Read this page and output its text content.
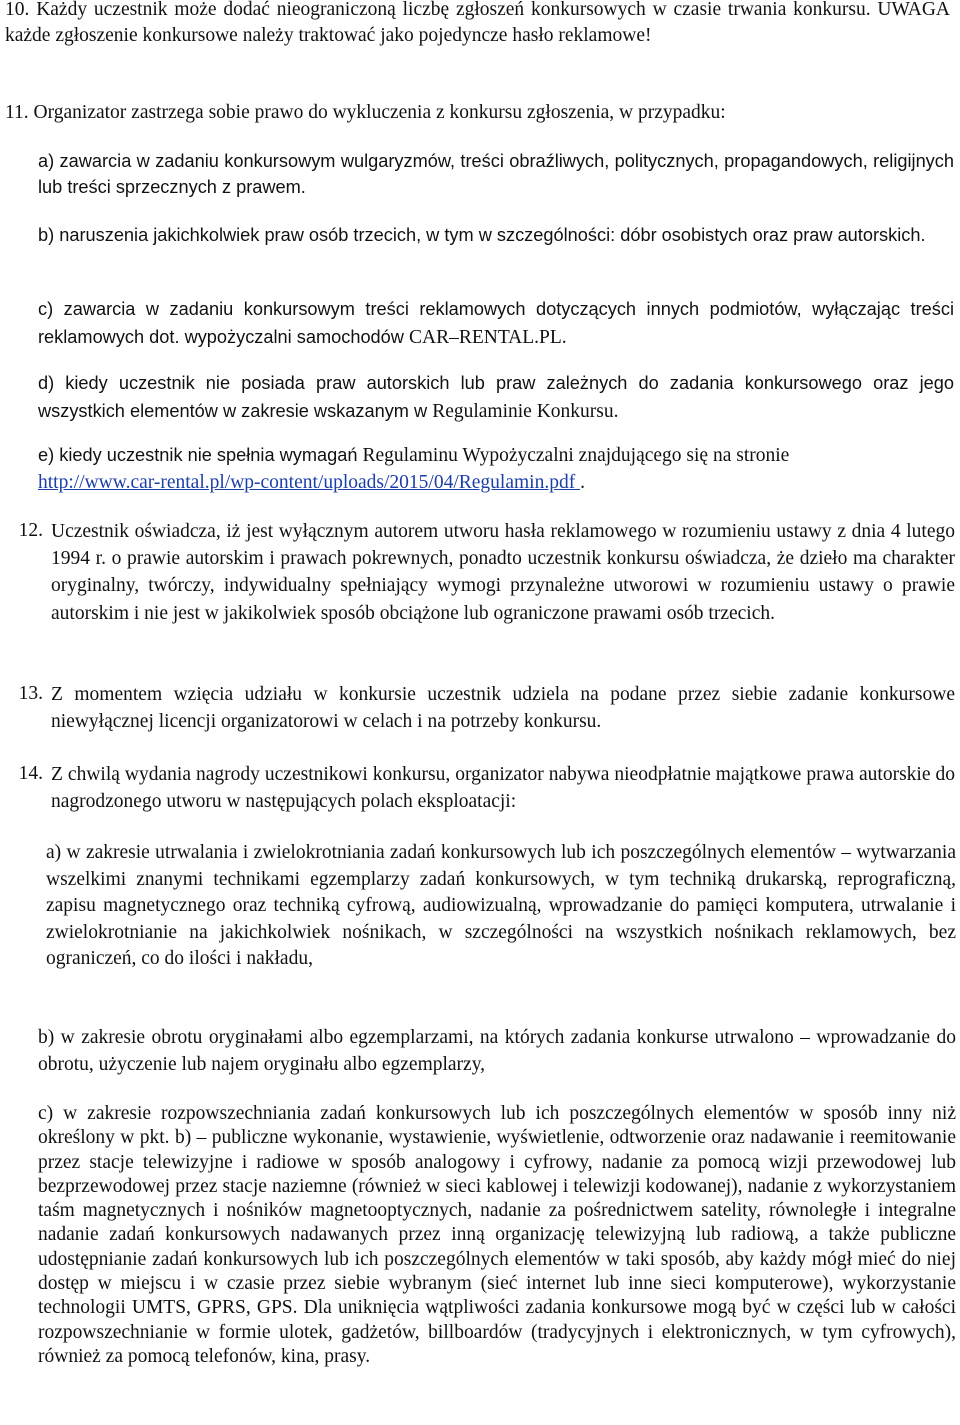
10. Każdy uczestnik może dodać nieograniczoną liczbę zgłoszeń konkursowych w czasie trwania konkursu. UWAGA każde zgłoszenie konkursowe należy traktować jako pojedyncze hasło reklamowe!

11. Organizator zastrzega sobie prawo do wykluczenia z konkursu zgłoszenia, w przypadku:

a) zawarcia w zadaniu konkursowym wulgaryzmów, treści obraźliwych, politycznych, propagandowych, religijnych lub treści sprzecznych z prawem.
b) naruszenia jakichkolwiek praw osób trzecich, w tym w szczególności: dóbr osobistych oraz praw autorskich.
c) zawarcia w zadaniu konkursowym treści reklamowych dotyczących innych podmiotów, wyłączając treści reklamowych dot. wypożyczalni samochodów CAR–RENTAL.PL.
d) kiedy uczestnik nie posiada praw autorskich lub praw zależnych do zadania konkursowego oraz jego wszystkich elementów w zakresie wskazanym w Regulaminie Konkursu.
e) kiedy uczestnik nie spełnia wymagań Regulaminu Wypożyczalni znajdującego się na stronie
http://www.car-rental.pl/wp-content/uploads/2015/04/Regulamin.pdf .
12. Uczestnik oświadcza, iż jest wyłącznym autorem utworu hasła reklamowego w rozumieniu ustawy z dnia 4 lutego 1994 r. o prawie autorskim i prawach pokrewnych, ponadto uczestnik konkursu oświadcza, że dzieło ma charakter oryginalny, twórczy, indywidualny spełniający wymogi przynależne utworowi w rozumieniu ustawy o prawie autorskim i nie jest w jakikolwiek sposób obciążone lub ograniczone prawami osób trzecich.
13. Z momentem wzięcia udziału w konkursie uczestnik udziela na podane przez siebie zadanie konkursowe niewyłącznej licencji organizatorowi w celach i na potrzeby konkursu.
14. Z chwilą wydania nagrody uczestnikowi konkursu, organizator nabywa nieodpłatnie majątkowe prawa autorskie do nagrodzonego utworu w następujących polach eksploatacji:
a) w zakresie utrwalania i zwielokrotniania zadań konkursowych lub ich poszczególnych elementów – wytwarzania wszelkimi znanymi technikami egzemplarzy zadań konkursowych, w tym techniką drukarską, reprograficzną, zapisu magnetycznego oraz techniką cyfrową, audiowizualną, wprowadzanie do pamięci komputera, utrwalanie i zwielokrotnianie na jakichkolwiek nośnikach, w szczególności na wszystkich nośnikach reklamowych, bez ograniczeń, co do ilości i nakładu,
b) w zakresie obrotu oryginałami albo egzemplarzami, na których zadania konkurse utrwalono – wprowadzanie do obrotu, użyczenie lub najem oryginału albo egzemplarzy,
c) w zakresie rozpowszechniania zadań konkursowych lub ich poszczególnych elementów w sposób inny niż określony w pkt. b) – publiczne wykonanie, wystawienie, wyświetlenie, odtworzenie oraz nadawanie i reemitowanie przez stacje telewizyjne i radiowe w sposób analogowy i cyfrowy, nadanie za pomocą wizji przewodowej lub bezprzewodowej przez stacje naziemne (również w sieci kablowej i telewizji kodowanej), nadanie z wykorzystaniem taśm magnetycznych i nośników magnetooptycznych, nadanie za pośrednictwem satelity, równoległe i integralne nadanie zadań konkursowych nadawanych przez inną organizację telewizyjną lub radiową, a także publiczne udostępnianie zadań konkursowych lub ich poszczególnych elementów w taki sposób, aby każdy mógł mieć do niej dostęp w miejscu i w czasie przez siebie wybranym (sieć internet lub inne sieci komputerowe), wykorzystanie technologii UMTS, GPRS, GPS. Dla uniknięcia wątpliwości zadania konkursowe mogą być w części lub w całości rozpowszechnianie w formie ulotek, gadżetów, billboardów (tradycyjnych i elektronicznych, w tym cyfrowych), również za pomocą telefonów, kina, prasy.
